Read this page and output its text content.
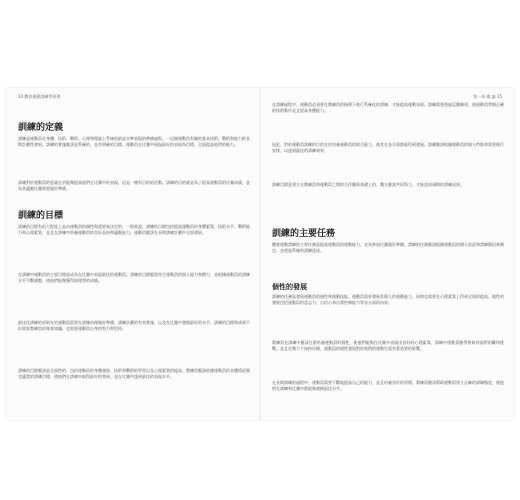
14 體育運動訓練學原理
訓練的定義
訓練是運動員在身體、技術、戰術、心理和理論上系統的最高水準表現的準備過程。一這個運動員有關的基本技術、戰術和能力的長期計劃性發展。訓練的實施應該是系統的，並有明確的目標。運動員在比賽中展現最好的表現為目標，全面提高他們的能力。
訓練對於運動員的意義在於能夠提高他們在比賽中的表現，這是一種有目的的活動。訓練的目的就是為了提高運動員的比賽成績，並為其適應比賽需要做好準備。
訓練的目標
訓練的目標有很大程度上是由運動員的個性與需要來決定的。一般來說，訓練的目標包括提高運動員的身體素質、技術水平、戰術能力和心理素質，並且在訓練中培養運動員的良好品格和適應能力。運動員應該在長期訓練計劃中全面發展。
在訓練中運動員的主要目標是成為在比賽中表現最佳的運動員。訓練的目標應當符合運動員的個人能力和潛力，並根據運動員的訓練水平不斷調整，使他們能夠獲得最理想的成績。
最佳化訓練的原則在於運動員需要在訓練前後做好準備，訓練計劃的有效實施，以及在比賽中發揮最好的水平。訓練的目標和成果不但需要教練員的專業知識，也需要運動員自身的努力和堅持。
訓練的目標應該是全面性的，包括運動員的身體發展、技術和戰術的學習以及心理素質的提高。教練員應該依據運動員的具體情況制定適當的訓練目標，使他們在訓練中取得最好的效果，並在比賽中達到最佳的表現水平。
第一章 總 論 15
在訓練過程中，運動員必須要在教練員的指導下進行系統化的訓練，才能提高運動表現。訓練需要透過反覆練習，使運動員掌握正確的技術動作並且提高身體能力。
因此，對於運動員訓練的目的在於培養運動員的綜合能力，使其在各方面都能得到發展。訓練應該根據運動員的個人特點和需要進行安排，以達到最佳的訓練效果。
訓練目標是建立在教練員和運動員之間的合作關係基礎上的，雙方應該共同努力，才能達成預期的訓練成果。
訓練的主要任務
體育運動訓練的主要任務是提高運動員的運動能力，並為參加比賽做好準備。訓練的任務應該根據運動員的個人狀況和訓練階段來制定，並透過系統的訓練達成。
個性的發展
訓練的任務是發展運動員的個性和運動技能。運動員需要發展其個人的運動能力，同時也需要在心理素質上得到全面的提高。個性的發展包括運動員的意志力、自信心和自我控制能力等各方面的內容。
教練員在訓練中應該注重培養運動員的個性，使他們能夠在比賽中表現出良好的心理素質。訓練中運動員應學會如何面對困難和挑戰，並且在壓力下保持冷靜。運動員的個性發展對於他們的運動生涯有著重要的影響。
在長期訓練的過程中，運動員需要不斷地提高自己的能力，並且培養良好的習慣。教練員應該幫助運動員建立正確的訓練態度，使他們在訓練和比賽中都能夠發揮最佳水平。
